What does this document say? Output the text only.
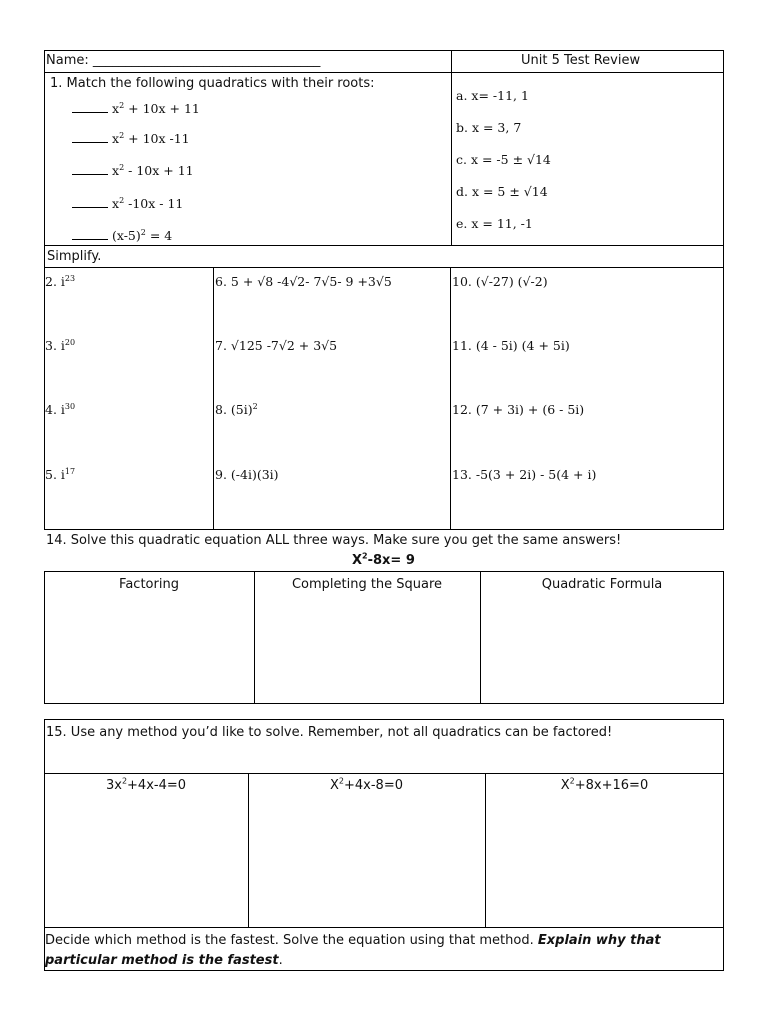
Name: ___________________________________	Unit 5 Test Review
1. Match the following quadratics with their roots:
$x^2 + 10x + 11$
$x^2 + 10x$ -11
$x^2 - 10x + 11$
$x^2$ -10x - 11
$(x-5)^2 = 4$
a. x= -11, 1
b. x = 3, 7
c. x = -5 ± √14
d. x = 5 ± √14
e. x = 11, -1
Simplify.
2. $i^{23}$
3. $i^{20}$
4. $i^{30}$
5. $i^{17}$
6. 5 + √8 -4√2- 7√5- 9 +3√5
7. √125 -7√2 + 3√5
8. $(5i)^2$
9. (-4i)(3i)
10. (√-27) (√-2)
11. (4 - 5i) (4 + 5i)
12. (7 + 3i) + (6 - 5i)
13. -5(3 + 2i) - 5(4 + i)
14. Solve this quadratic equation ALL three ways. Make sure you get the same answers!
$X^2-8x= 9$
Factoring	Completing the Square	Quadratic Formula
15. Use any method you’d like to solve. Remember, not all quadratics can be factored!
$3x^2+4x-4=0$	$X^2+4x-8=0$	$X^2+8x+16=0$
Decide which method is the fastest. Solve the equation using that method. Explain why that particular method is the fastest.
